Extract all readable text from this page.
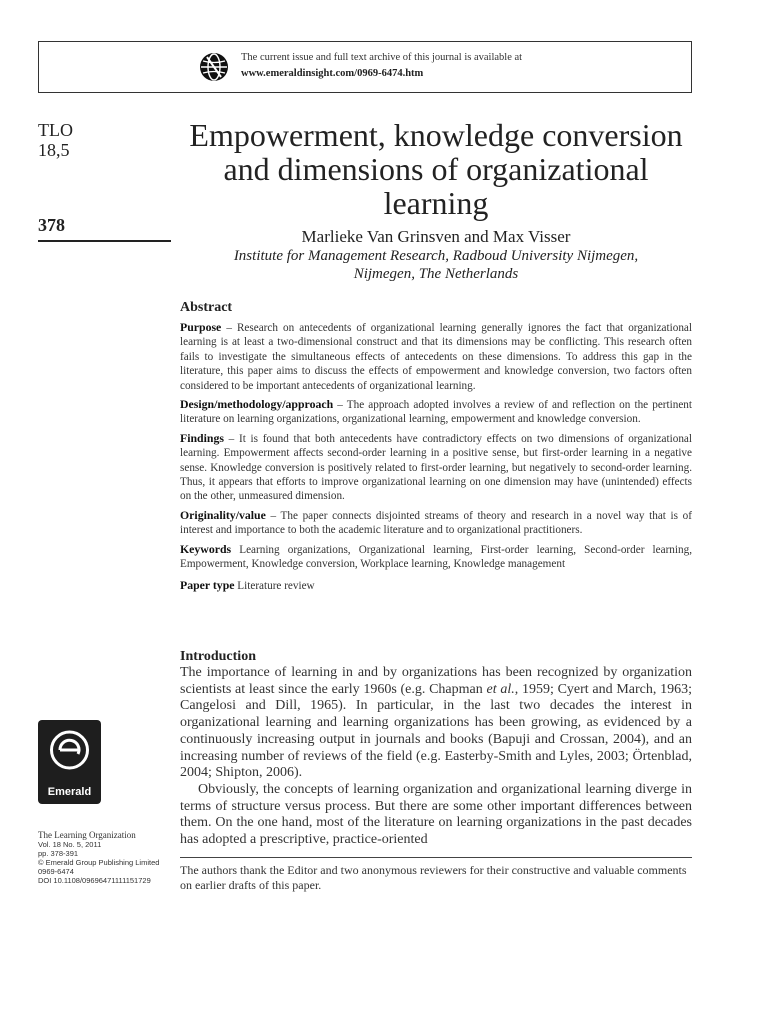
The current issue and full text archive of this journal is available at
www.emeraldinsight.com/0969-6474.htm
TLO
18,5
378
Empowerment, knowledge conversion and dimensions of organizational learning
Marlieke Van Grinsven and Max Visser
Institute for Management Research, Radboud University Nijmegen,
Nijmegen, The Netherlands
Abstract

Purpose – Research on antecedents of organizational learning generally ignores the fact that organizational learning is at least a two-dimensional construct and that its dimensions may be conflicting. This research often fails to investigate the simultaneous effects of antecedents on these dimensions. To address this gap in the literature, this paper aims to discuss the effects of empowerment and knowledge conversion, two factors often considered to be important antecedents of organizational learning.

Design/methodology/approach – The approach adopted involves a review of and reflection on the pertinent literature on learning organizations, organizational learning, empowerment and knowledge conversion.

Findings – It is found that both antecedents have contradictory effects on two dimensions of organizational learning. Empowerment affects second-order learning in a positive sense, but first-order learning in a negative sense. Knowledge conversion is positively related to first-order learning, but negatively to second-order learning. Thus, it appears that efforts to improve organizational learning on one dimension may have (unintended) effects on the other, unmeasured dimension.

Originality/value – The paper connects disjointed streams of theory and research in a novel way that is of interest and importance to both the academic literature and to organizational practitioners.

Keywords Learning organizations, Organizational learning, First-order learning, Second-order learning, Empowerment, Knowledge conversion, Workplace learning, Knowledge management

Paper type Literature review

Introduction

The importance of learning in and by organizations has been recognized by organization scientists at least since the early 1960s (e.g. Chapman et al., 1959; Cyert and March, 1963; Cangelosi and Dill, 1965). In particular, in the last two decades the interest in organizational learning and learning organizations has been growing, as evidenced by a continuously increasing output in journals and books (Bapuji and Crossan, 2004), and an increasing number of reviews of the field (e.g. Easterby-Smith and Lyles, 2003; Örtenblad, 2004; Shipton, 2006).

Obviously, the concepts of learning organization and organizational learning diverge in terms of structure versus process. But there are some other important differences between them. On the one hand, most of the literature on learning organizations in the past decades has adopted a prescriptive, practice-oriented

The authors thank the Editor and two anonymous reviewers for their constructive and valuable comments on earlier drafts of this paper.
Emerald
The Learning Organization
Vol. 18 No. 5, 2011
pp. 378-391
© Emerald Group Publishing Limited
0969-6474
DOI 10.1108/09696471111151729
